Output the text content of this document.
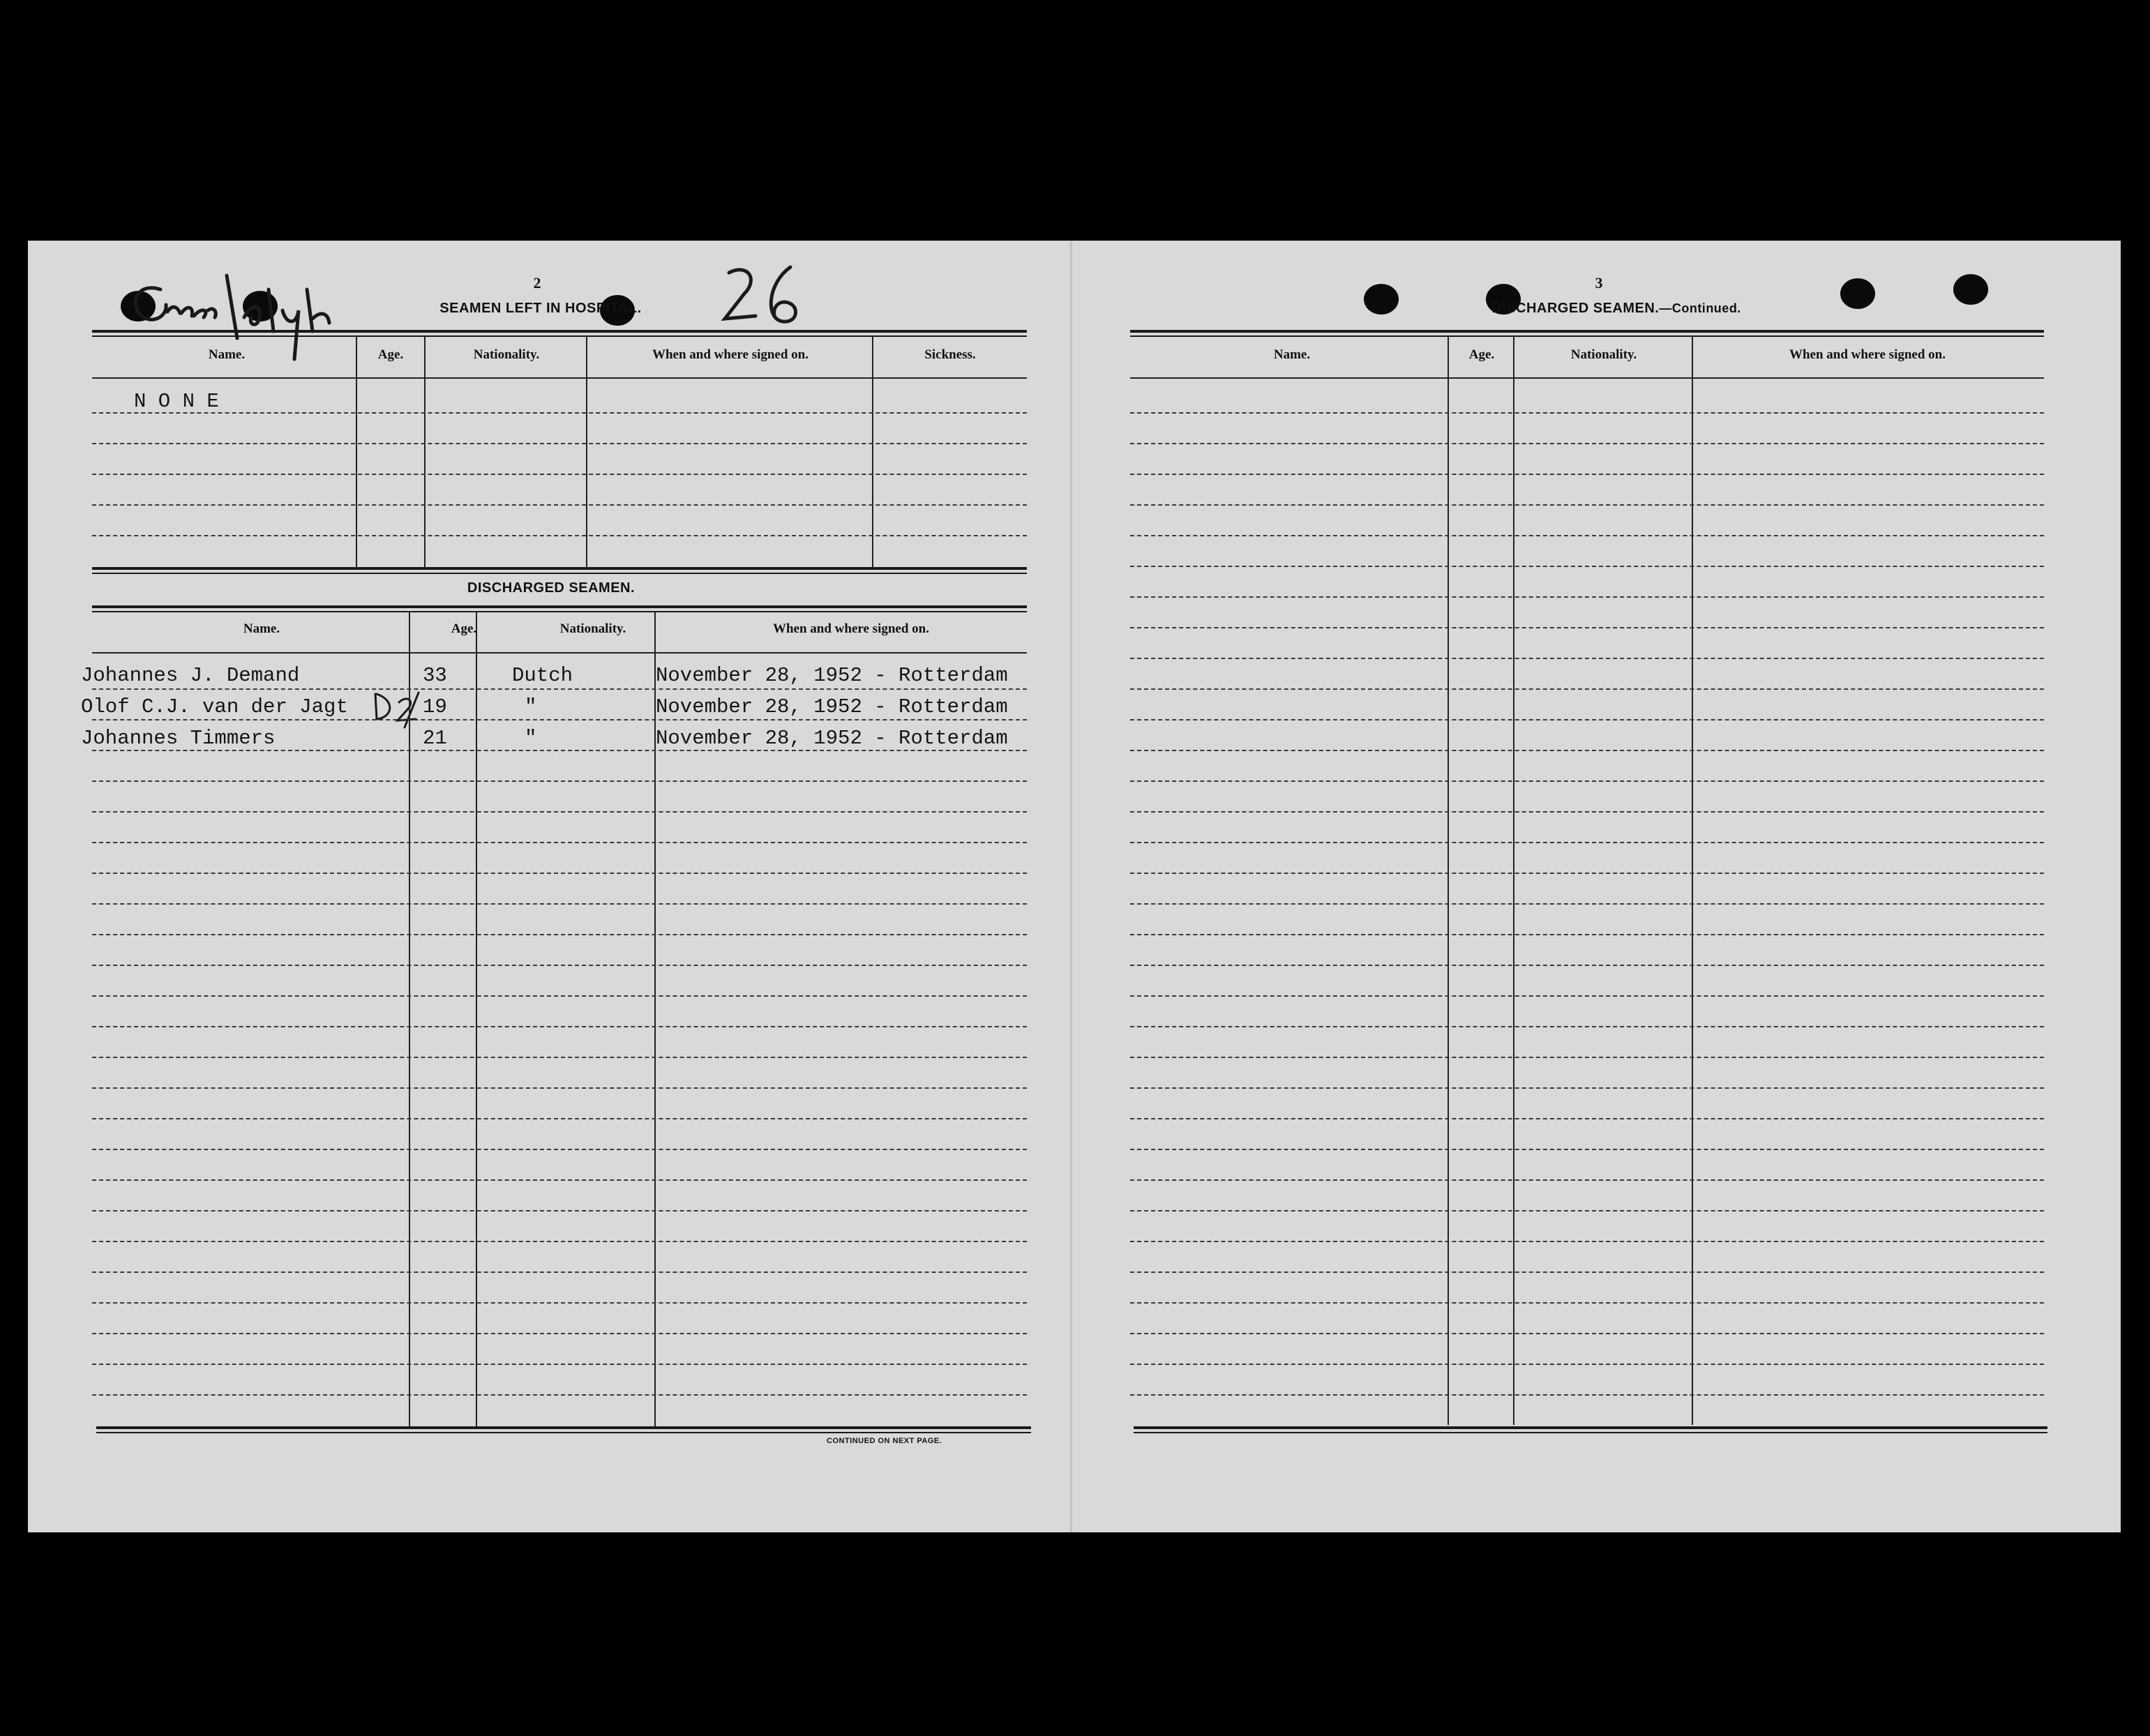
2
SEAMEN LEFT IN HOSPITAL.
Name.	Age.	Nationality.	When and where signed on.	Sickness.
N O N E
DISCHARGED SEAMEN.
Name.	Age.	Nationality.	When and where signed on.
Johannes J. Demand	33	Dutch	November 28, 1952 - Rotterdam
Olof C.J. van der Jagt	19	"	November 28, 1952 - Rotterdam
Johannes Timmers	21	"	November 28, 1952 - Rotterdam
CONTINUED ON NEXT PAGE.
3
DISCHARGED SEAMEN.—Continued.
Name.	Age.	Nationality.	When and where signed on.
